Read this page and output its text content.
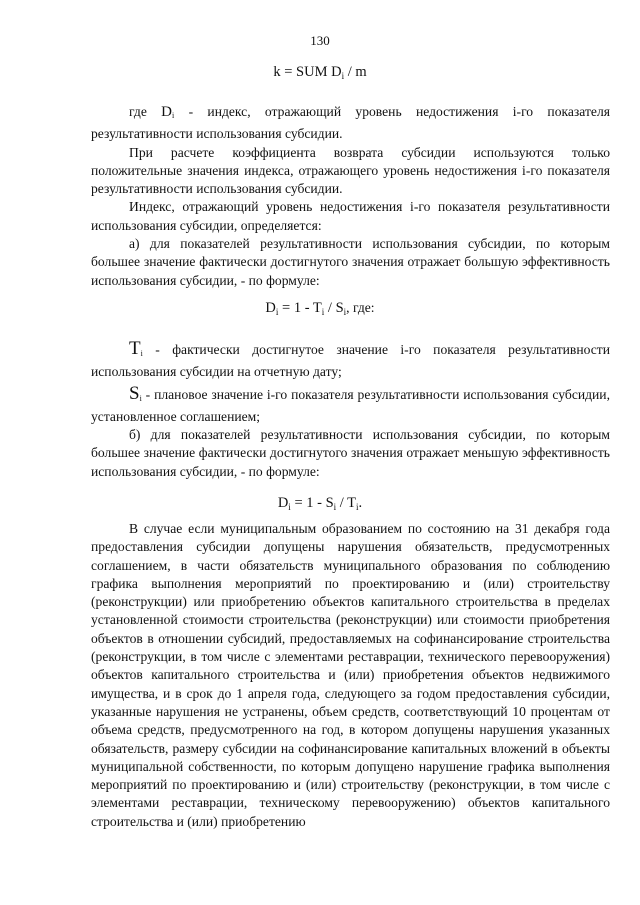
130
k = SUM $D_i$ / m

где $D_i$ - индекс, отражающий уровень недостижения i-го показателя результативности использования субсидии.

При расчете коэффициента возврата субсидии используются только положительные значения индекса, отражающего уровень недостижения i-го показателя результативности использования субсидии.

Индекс, отражающий уровень недостижения i-го показателя результативности использования субсидии, определяется:

а) для показателей результативности использования субсидии, по которым большее значение фактически достигнутого значения отражает большую эффективность использования субсидии, - по формуле:

$D_i = 1 - T_i / S_i$, где:

$T_i$ - фактически достигнутое значение i-го показателя результативности использования субсидии на отчетную дату;

$S_i$ - плановое значение i-го показателя результативности использования субсидии, установленное соглашением;

б) для показателей результативности использования субсидии, по которым большее значение фактически достигнутого значения отражает меньшую эффективность использования субсидии, - по формуле:

$D_i = 1 - S_i / T_i$.

В случае если муниципальным образованием по состоянию на 31 декабря года предоставления субсидии допущены нарушения обязательств, предусмотренных соглашением, в части обязательств муниципального образования по соблюдению графика выполнения мероприятий по проектированию и (или) строительству (реконструкции) или приобретению объектов капитального строительства в пределах установленной стоимости строительства (реконструкции) или стоимости приобретения объектов в отношении субсидий, предоставляемых на софинансирование строительства (реконструкции, в том числе с элементами реставрации, технического перевооружения) объектов капитального строительства и (или) приобретения объектов недвижимого имущества, и в срок до 1 апреля года, следующего за годом предоставления субсидии, указанные нарушения не устранены, объем средств, соответствующий 10 процентам от объема средств, предусмотренного на год, в котором допущены нарушения указанных обязательств, размеру субсидии на софинансирование капитальных вложений в объекты муниципальной собственности, по которым допущено нарушение графика выполнения мероприятий по проектированию и (или) строительству (реконструкции, в том числе с элементами реставрации, техническому перевооружению) объектов капитального строительства и (или) приобретению
